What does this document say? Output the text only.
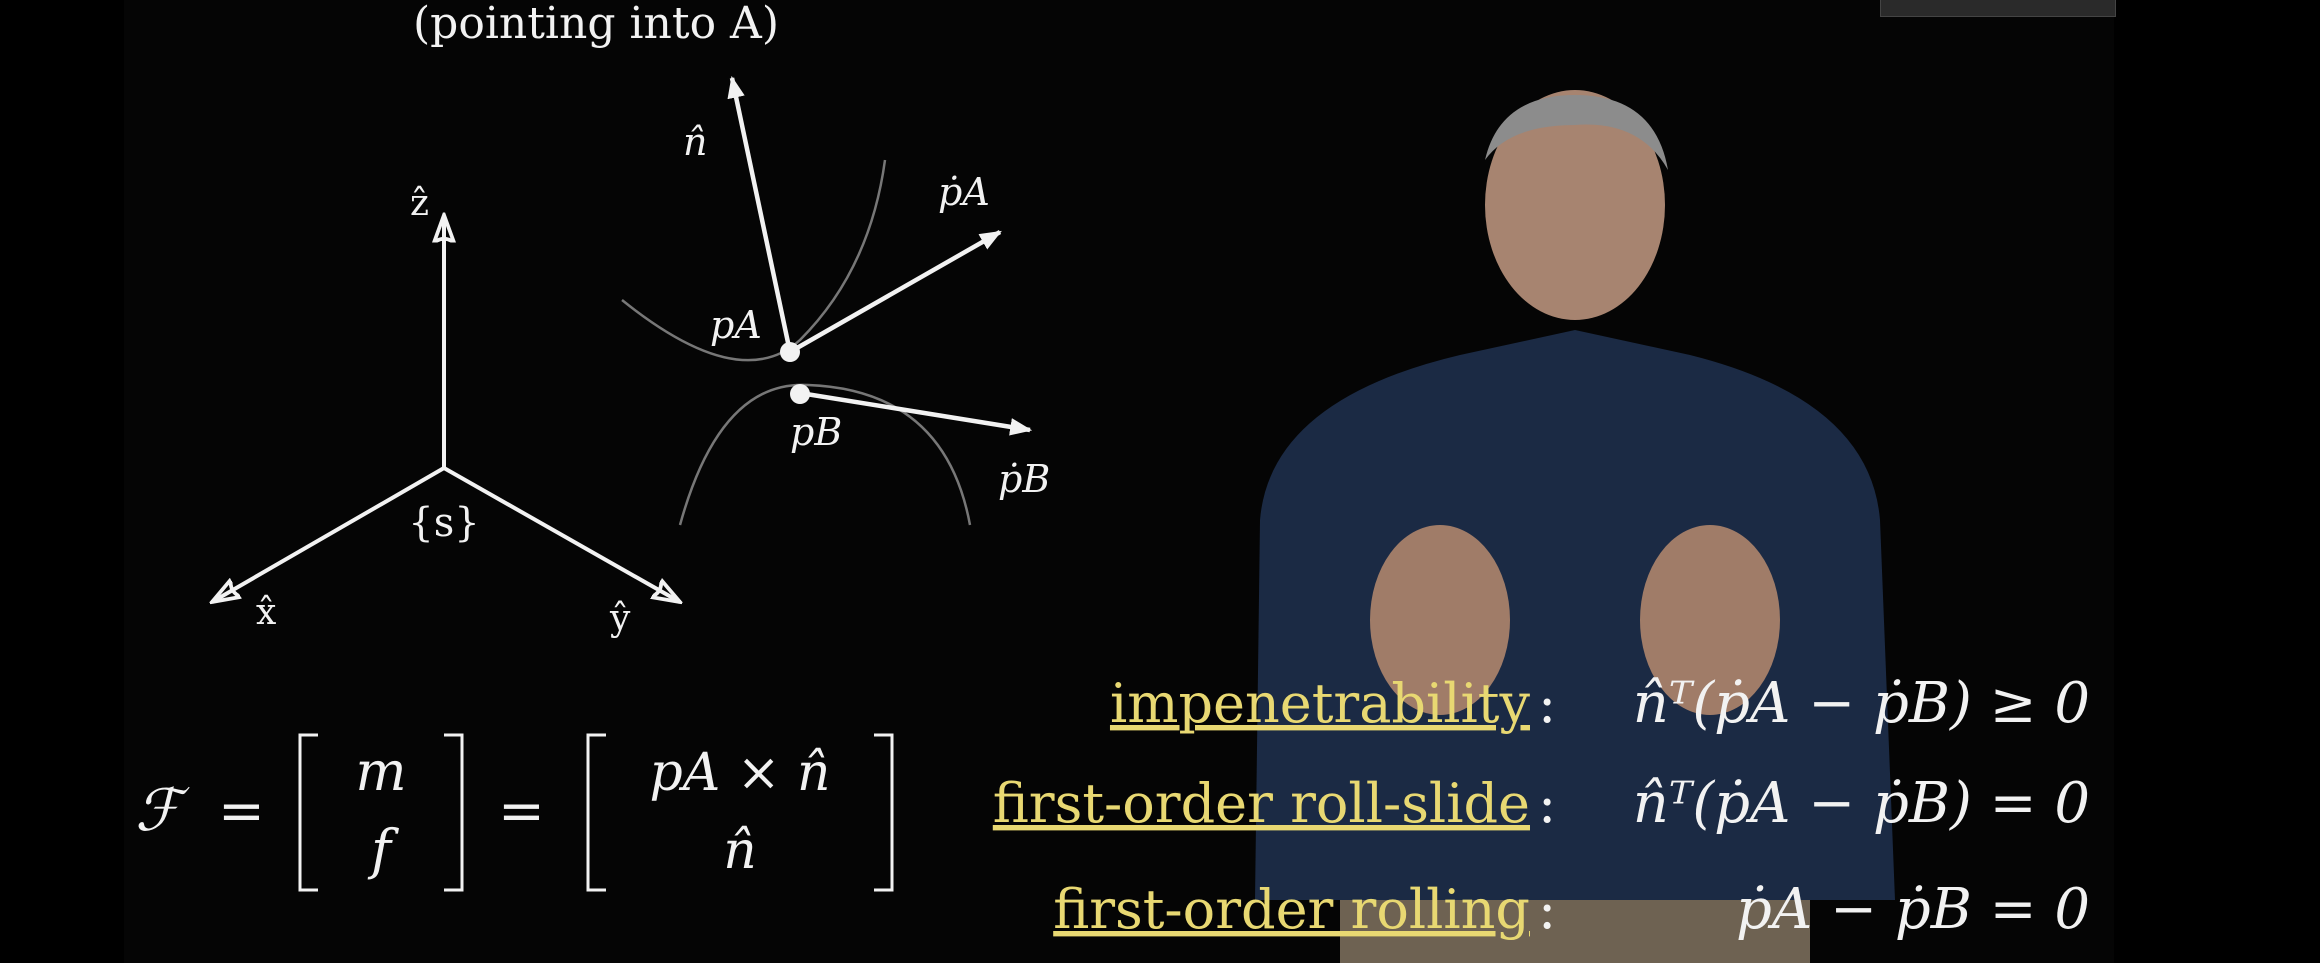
(pointing into A)
ẑ
x̂	ŷ
{s}
n̂
pA
pB
ṗA
ṗB
ℱ =
m
f
=
pA × n̂
n̂
impenetrability : n̂ᵀ(ṗA − ṗB) ≥ 0
first-order roll-slide : n̂ᵀ(ṗA − ṗB) = 0
first-order rolling :	ṗA − ṗB = 0
